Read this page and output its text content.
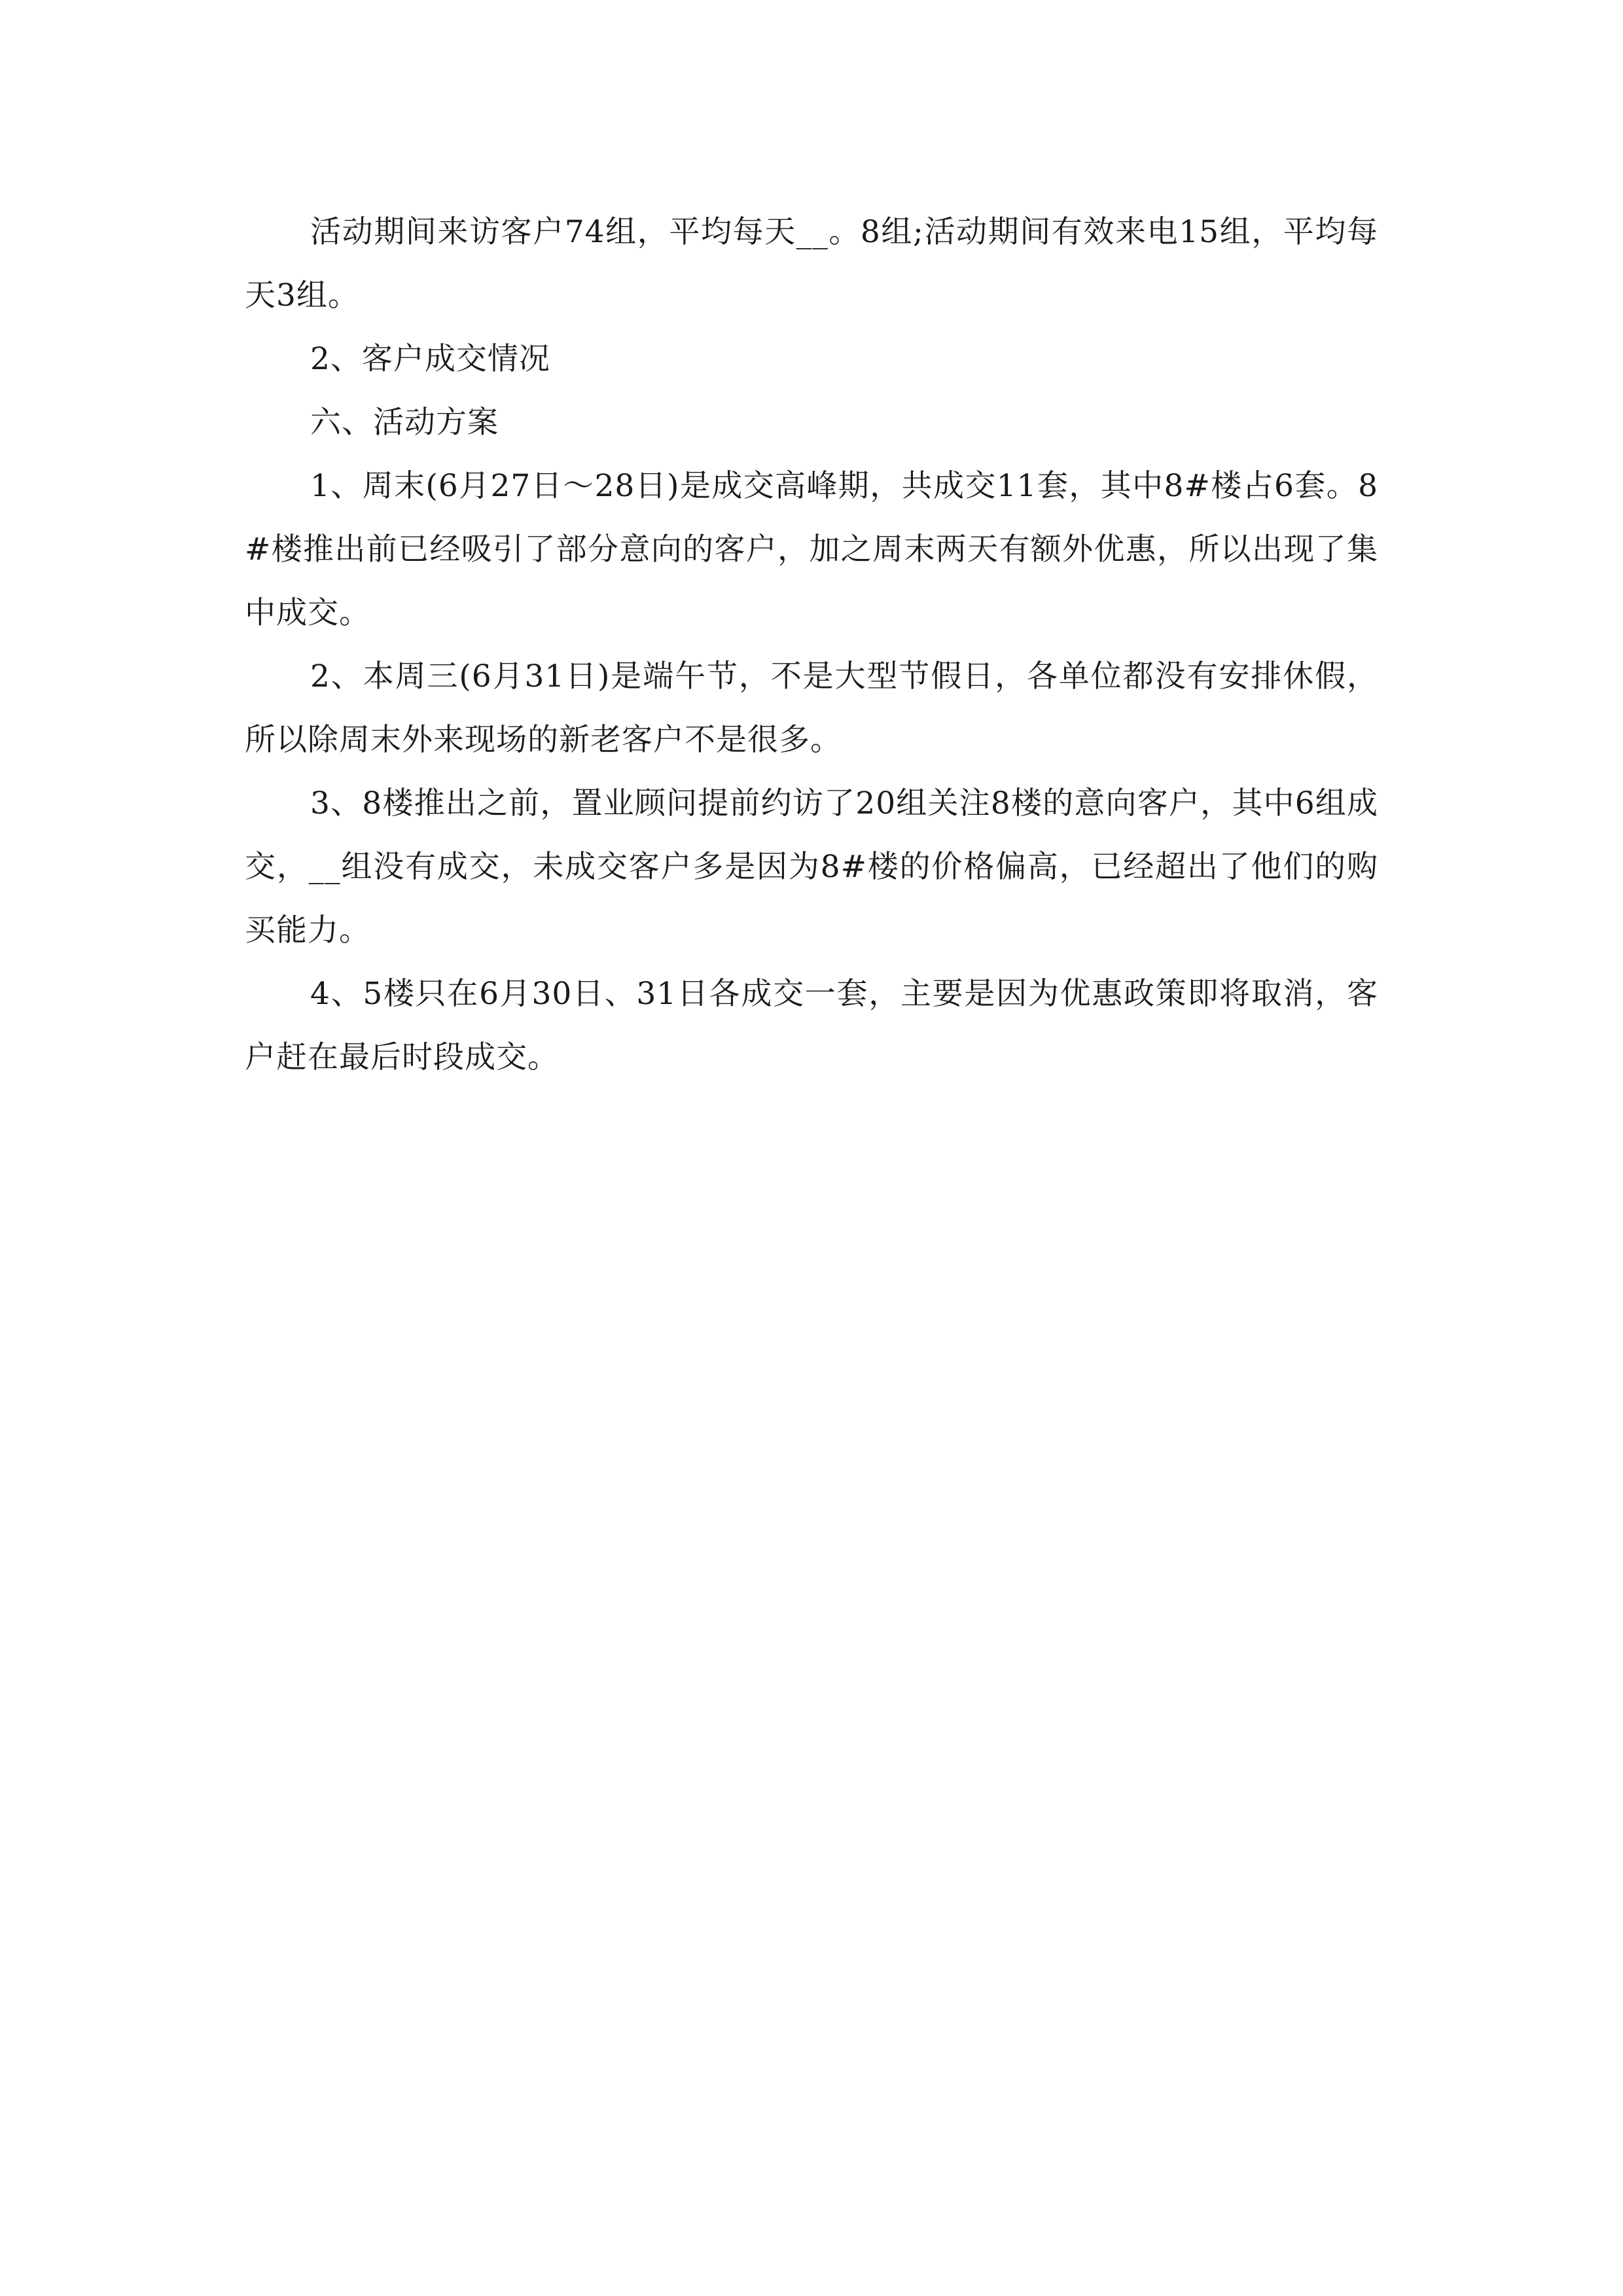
活动期间来访客户74组，平均每天__。8组;活动期间有效来电15组，平均每天3组。

2、客户成交情况

六、活动方案

1、周末(6月27日～28日)是成交高峰期，共成交11套，其中8#楼占6套。8#楼推出前已经吸引了部分意向的客户，加之周末两天有额外优惠，所以出现了集中成交。

2、本周三(6月31日)是端午节，不是大型节假日，各单位都没有安排休假，所以除周末外来现场的新老客户不是很多。

3、8楼推出之前，置业顾问提前约访了20组关注8楼的意向客户，其中6组成交，__组没有成交，未成交客户多是因为8#楼的价格偏高，已经超出了他们的购买能力。

4、5楼只在6月30日、31日各成交一套，主要是因为优惠政策即将取消，客户赶在最后时段成交。
